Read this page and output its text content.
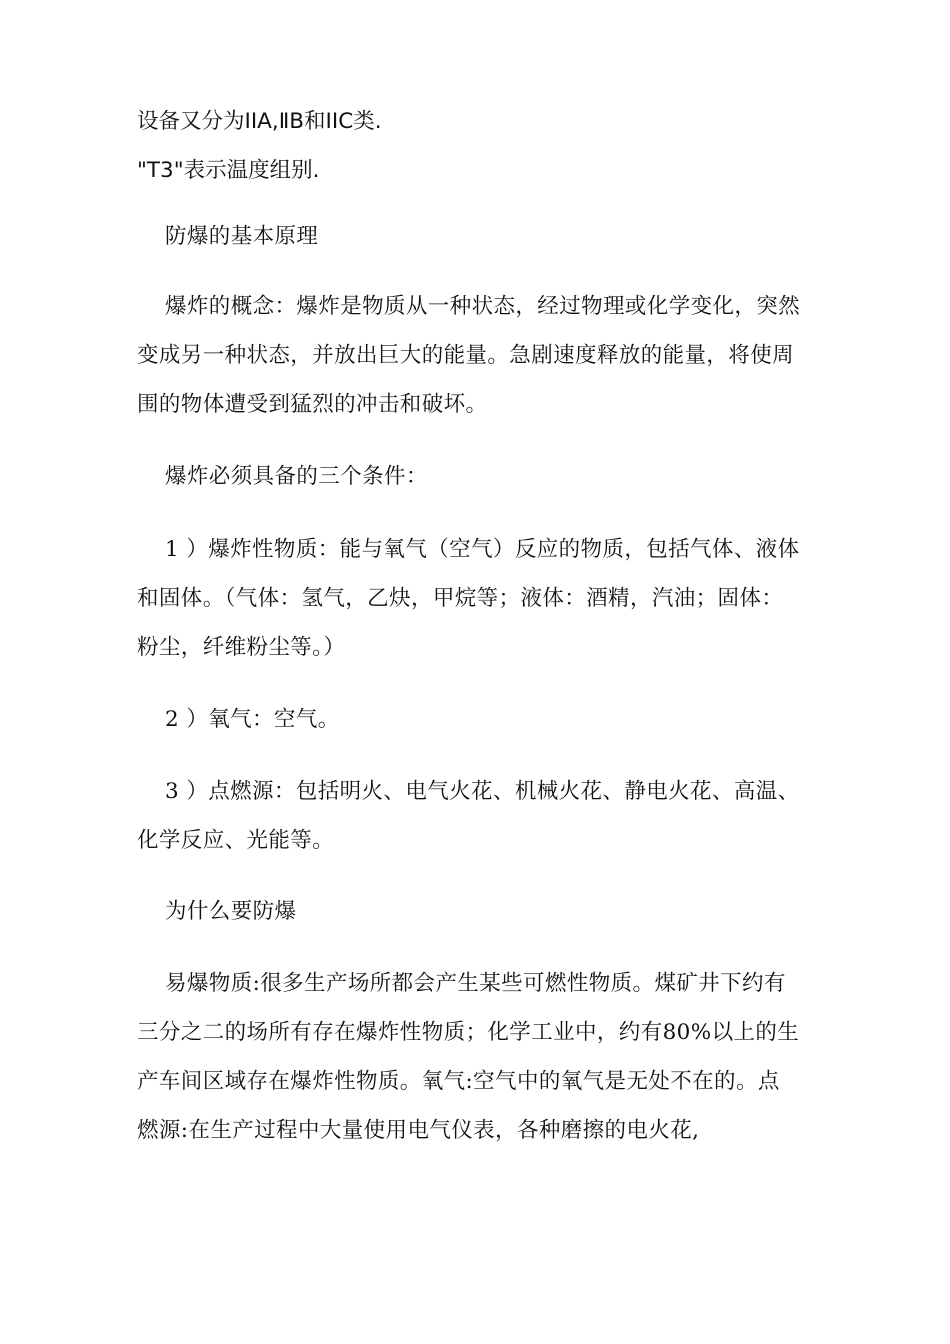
设备又分为IIA,ⅡB和IIC类.
"T3"表示温度组别.
防爆的基本原理
爆炸的概念：爆炸是物质从一种状态，经过物理或化学变化，突然
变成另一种状态，并放出巨大的能量。急剧速度释放的能量，将使周
围的物体遭受到猛烈的冲击和破坏。
爆炸必须具备的三个条件：
1 ）爆炸性物质：能与氧气（空气）反应的物质，包括气体、液体
和固体。（气体：氢气，乙炔，甲烷等；液体：酒精，汽油；固体：
粉尘，纤维粉尘等。）
2 ）氧气：空气。
3 ）点燃源：包括明火、电气火花、机械火花、静电火花、高温、
化学反应、光能等。
为什么要防爆
易爆物质:很多生产场所都会产生某些可燃性物质。煤矿井下约有
三分之二的场所有存在爆炸性物质；化学工业中，约有80%以上的生
产车间区域存在爆炸性物质。氧气:空气中的氧气是无处不在的。点
燃源:在生产过程中大量使用电气仪表，各种磨擦的电火花,
